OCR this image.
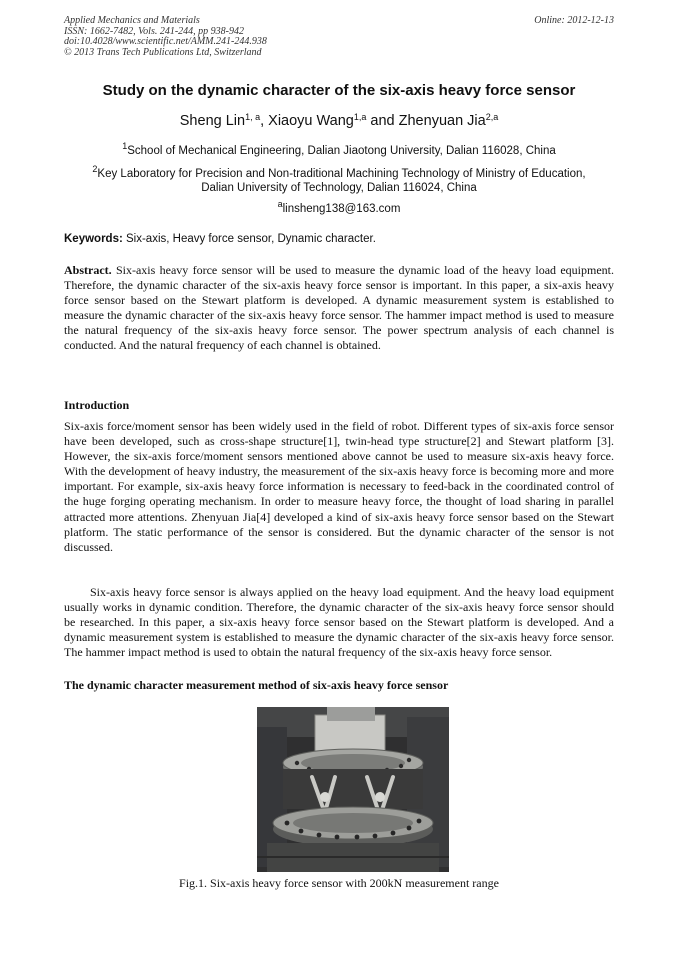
Applied Mechanics and Materials
ISSN: 1662-7482, Vols. 241-244, pp 938-942
doi:10.4028/www.scientific.net/AMM.241-244.938
© 2013 Trans Tech Publications Ltd, Switzerland
Online: 2012-12-13
Study on the dynamic character of the six-axis heavy force sensor
Sheng Lin$^{1, a}$, Xiaoyu Wang$^{1,a}$ and Zhenyuan Jia$^{2,a}$
$^1$School of Mechanical Engineering, Dalian Jiaotong University, Dalian 116028, China
$^2$Key Laboratory for Precision and Non-traditional Machining Technology of Ministry of Education,
Dalian University of Technology, Dalian 116024, China
$^a$linsheng138@163.com
Keywords: Six-axis, Heavy force sensor, Dynamic character.
Abstract. Six-axis heavy force sensor will be used to measure the dynamic load of the heavy load equipment. Therefore, the dynamic character of the six-axis heavy force sensor is important. In this paper, a six-axis heavy force sensor based on the Stewart platform is developed. A dynamic measurement system is established to measure the dynamic character of the six-axis heavy force sensor. The hammer impact method is used to measure the natural frequency of the six-axis heavy force sensor. The power spectrum analysis of each channel is conducted. And the natural frequency of each channel is obtained.
Introduction
Six-axis force/moment sensor has been widely used in the field of robot. Different types of six-axis force sensor have been developed, such as cross-shape structure[1], twin-head type structure[2] and Stewart platform [3]. However, the six-axis force/moment sensors mentioned above cannot be used to measure six-axis heavy force. With the development of heavy industry, the measurement of the six-axis heavy force is becoming more and more important. For example, six-axis heavy force information is necessary to feed-back in the coordinated control of the huge forging operating mechanism. In order to measure heavy force, the thought of load sharing in parallel attracted more attentions. Zhenyuan Jia[4] developed a kind of six-axis heavy force sensor based on the Stewart platform. The static performance of the sensor is considered. But the dynamic character of the sensor is not discussed.
Six-axis heavy force sensor is always applied on the heavy load equipment. And the heavy load equipment usually works in dynamic condition. Therefore, the dynamic character of the six-axis heavy force sensor should be researched. In this paper, a six-axis heavy force sensor based on the Stewart platform is developed. And a dynamic measurement system is established to measure the dynamic character of the six-axis heavy force sensor. The hammer impact method is used to obtain the natural frequency of the six-axis heavy force sensor.
The dynamic character measurement method of six-axis heavy force sensor
Fig.1. Six-axis heavy force sensor with 200kN measurement range
